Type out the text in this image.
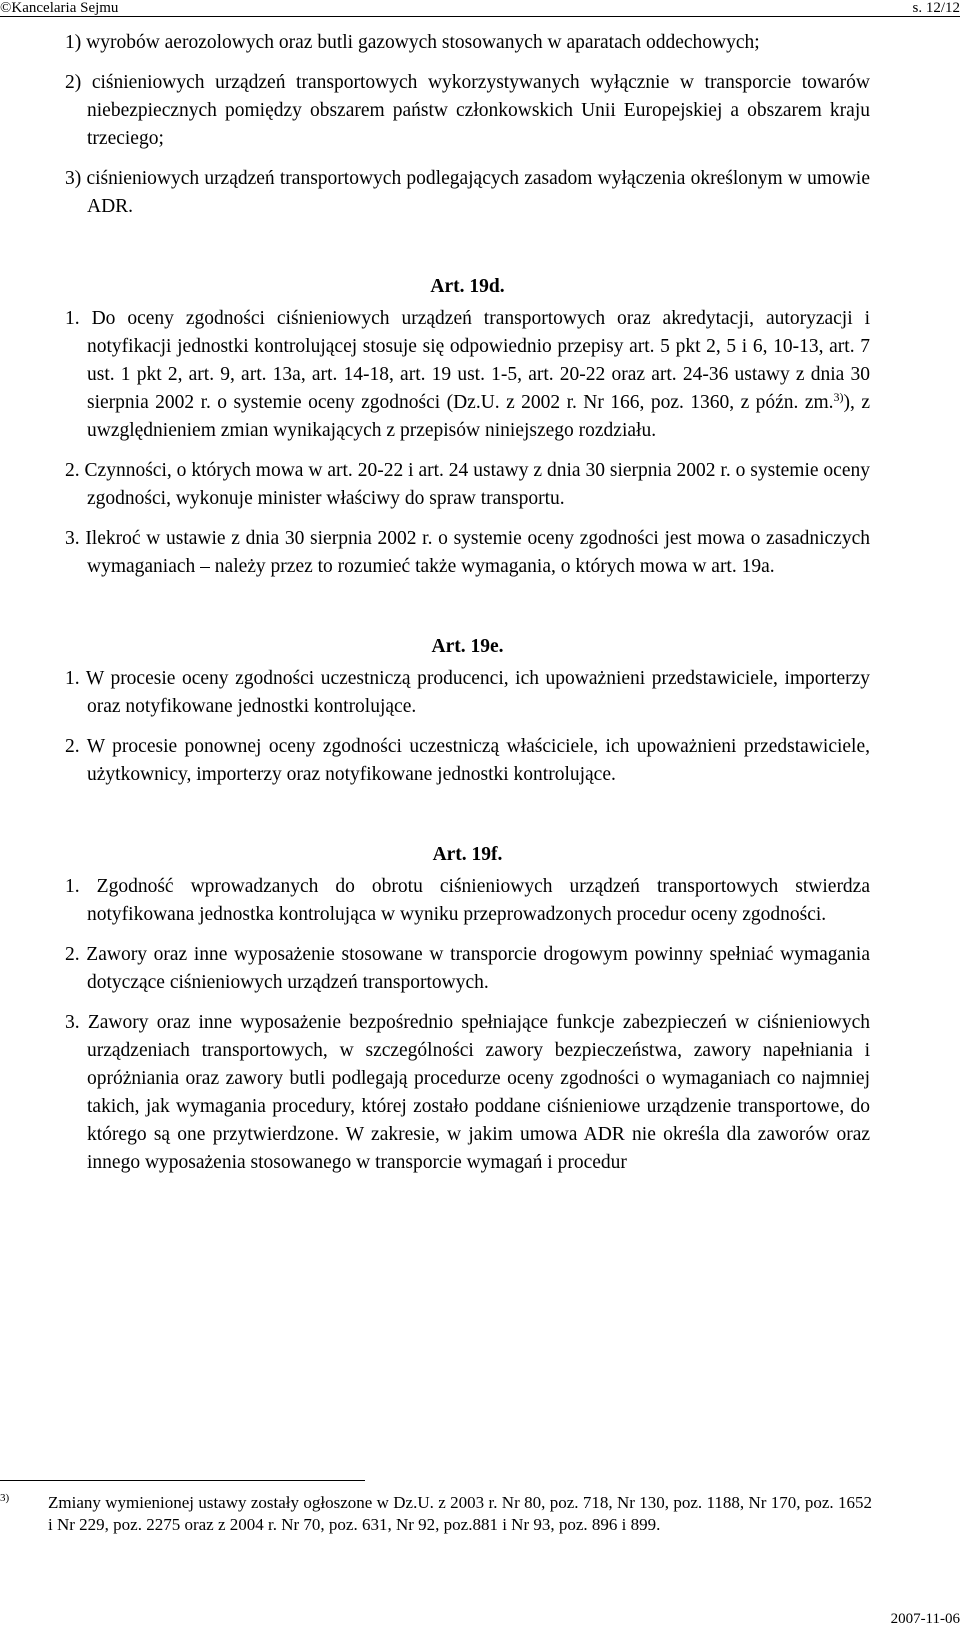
©Kancelaria Sejmu	s. 12/12

1) wyrobów aerozolowych oraz butli gazowych stosowanych w aparatach oddechowych;

2) ciśnieniowych urządzeń transportowych wykorzystywanych wyłącznie w transporcie towarów niebezpiecznych pomiędzy obszarem państw członkowskich Unii Europejskiej a obszarem kraju trzeciego;

3) ciśnieniowych urządzeń transportowych podlegających zasadom wyłączenia określonym w umowie ADR.

Art. 19d.

1. Do oceny zgodności ciśnieniowych urządzeń transportowych oraz akredytacji, autoryzacji i notyfikacji jednostki kontrolującej stosuje się odpowiednio przepisy art. 5 pkt 2, 5 i 6, 10-13, art. 7 ust. 1 pkt 2, art. 9, art. 13a, art. 14-18, art. 19 ust. 1-5, art. 20-22 oraz art. 24-36 ustawy z dnia 30 sierpnia 2002 r. o systemie oceny zgodności (Dz.U. z 2002 r. Nr 166, poz. 1360, z późn. zm.$^{3)}$), z uwzględnieniem zmian wynikających z przepisów niniejszego rozdziału.

2. Czynności, o których mowa w art. 20-22 i art. 24 ustawy z dnia 30 sierpnia 2002 r. o systemie oceny zgodności, wykonuje minister właściwy do spraw transportu.

3. Ilekroć w ustawie z dnia 30 sierpnia 2002 r. o systemie oceny zgodności jest mowa o zasadniczych wymaganiach – należy przez to rozumieć także wymagania, o których mowa w art. 19a.

Art. 19e.

1. W procesie oceny zgodności uczestniczą producenci, ich upoważnieni przedstawiciele, importerzy oraz notyfikowane jednostki kontrolujące.

2. W procesie ponownej oceny zgodności uczestniczą właściciele, ich upoważnieni przedstawiciele, użytkownicy, importerzy oraz notyfikowane jednostki kontrolujące.

Art. 19f.

1. Zgodność wprowadzanych do obrotu ciśnieniowych urządzeń transportowych stwierdza notyfikowana jednostka kontrolująca w wyniku przeprowadzonych procedur oceny zgodności.

2. Zawory oraz inne wyposażenie stosowane w transporcie drogowym powinny spełniać wymagania dotyczące ciśnieniowych urządzeń transportowych.

3. Zawory oraz inne wyposażenie bezpośrednio spełniające funkcje zabezpieczeń w ciśnieniowych urządzeniach transportowych, w szczególności zawory bezpieczeństwa, zawory napełniania i opróżniania oraz zawory butli podlegają procedurze oceny zgodności o wymaganiach co najmniej takich, jak wymagania procedury, której zostało poddane ciśnieniowe urządzenie transportowe, do którego są one przytwierdzone. W zakresie, w jakim umowa ADR nie określa dla zaworów oraz innego wyposażenia stosowanego w transporcie wymagań i procedur

3) Zmiany wymienionej ustawy zostały ogłoszone w Dz.U. z 2003 r. Nr 80, poz. 718, Nr 130, poz. 1188, Nr 170, poz. 1652 i Nr 229, poz. 2275 oraz z 2004 r. Nr 70, poz. 631, Nr 92, poz.881 i Nr 93, poz. 896 i 899.
2007-11-06
